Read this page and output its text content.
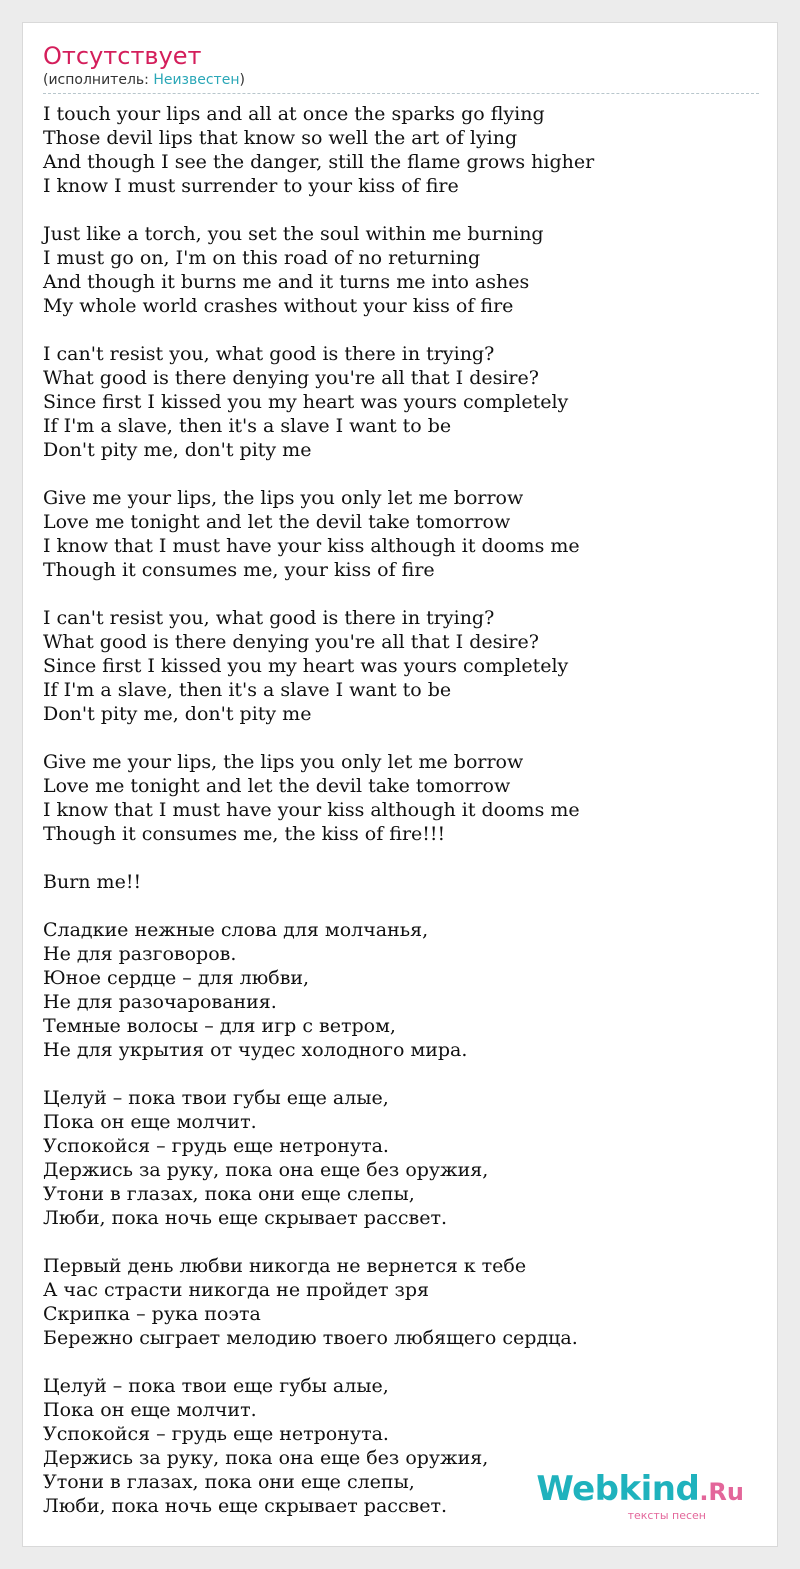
Отсутствует
(исполнитель: Неизвестен)
I touch your lips and all at once the sparks go flying
Those devil lips that know so well the art of lying
And though I see the danger, still the flame grows higher
I know I must surrender to your kiss of fire
Just like a torch, you set the soul within me burning
I must go on, I'm on this road of no returning
And though it burns me and it turns me into ashes
My whole world crashes without your kiss of fire
I can't resist you, what good is there in trying?
What good is there denying you're all that I desire?
Since first I kissed you my heart was yours completely
If I'm a slave, then it's a slave I want to be
Don't pity me, don't pity me
Give me your lips, the lips you only let me borrow
Love me tonight and let the devil take tomorrow
I know that I must have your kiss although it dooms me
Though it consumes me, your kiss of fire
I can't resist you, what good is there in trying?
What good is there denying you're all that I desire?
Since first I kissed you my heart was yours completely
If I'm a slave, then it's a slave I want to be
Don't pity me, don't pity me
Give me your lips, the lips you only let me borrow
Love me tonight and let the devil take tomorrow
I know that I must have your kiss although it dooms me
Though it consumes me, the kiss of fire!!!
Burn me!!
Сладкие нежные слова для молчанья,
Не для разговоров.
Юное сердце – для любви,
Не для разочарования.
Темные волосы – для игр с ветром,
Не для укрытия от чудес холодного мира.
Целуй – пока твои губы еще алые,
Пока он еще молчит.
Успокойся – грудь еще нетронута.
Держись за руку, пока она еще без оружия,
Утони в глазах, пока они еще слепы,
Люби, пока ночь еще скрывает рассвет.
Первый день любви никогда не вернется к тебе
А час страсти никогда не пройдет зря
Скрипка – рука поэта
Бережно сыграет мелодию твоего любящего сердца.
Целуй – пока твои еще губы алые,
Пока он еще молчит.
Успокойся – грудь еще нетронута.
Держись за руку, пока она еще без оружия,
Утони в глазах, пока они еще слепы,
Люби, пока ночь еще скрывает рассвет.	Webkind.Ru
тексты песен
